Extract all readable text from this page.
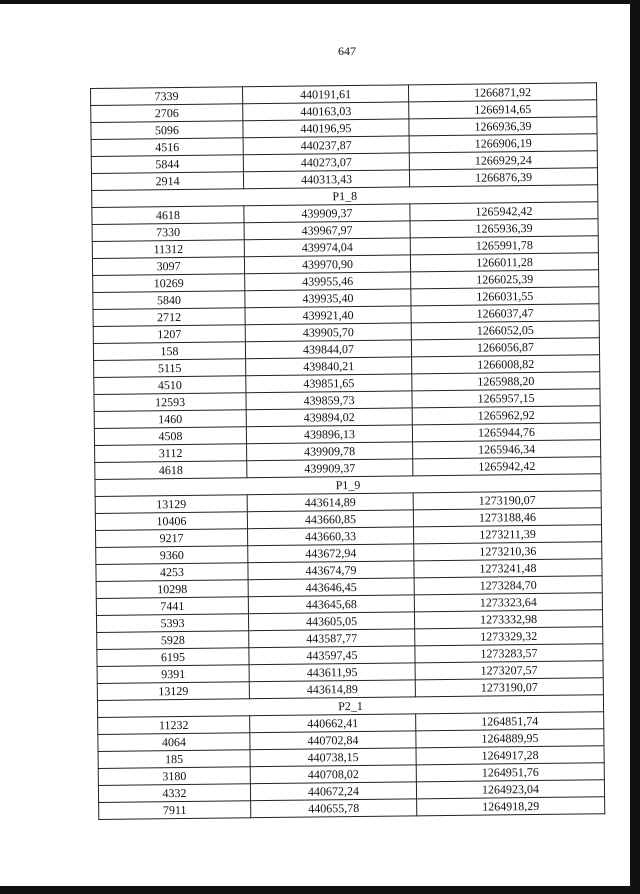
647
7339	440191,61	1266871,92
2706	440163,03	1266914,65
5096	440196,95	1266936,39
4516	440237,87	1266906,19
5844	440273,07	1266929,24
2914	440313,43	1266876,39
P1_8		
4618	439909,37	1265942,42
7330	439967,97	1265936,39
11312	439974,04	1265991,78
3097	439970,90	1266011,28
10269	439955,46	1266025,39
5840	439935,40	1266031,55
2712	439921,40	1266037,47
1207	439905,70	1266052,05
158	439844,07	1266056,87
5115	439840,21	1266008,82
4510	439851,65	1265988,20
12593	439859,73	1265957,15
1460	439894,02	1265962,92
4508	439896,13	1265944,76
3112	439909,78	1265946,34
4618	439909,37	1265942,42
P1_9		
13129	443614,89	1273190,07
10406	443660,85	1273188,46
9217	443660,33	1273211,39
9360	443672,94	1273210,36
4253	443674,79	1273241,48
10298	443646,45	1273284,70
7441	443645,68	1273323,64
5393	443605,05	1273332,98
5928	443587,77	1273329,32
6195	443597,45	1273283,57
9391	443611,95	1273207,57
13129	443614,89	1273190,07
P2_1		
11232	440662,41	1264851,74
4064	440702,84	1264889,95
185	440738,15	1264917,28
3180	440708,02	1264951,76
4332	440672,24	1264923,04
7911	440655,78	1264918,29
